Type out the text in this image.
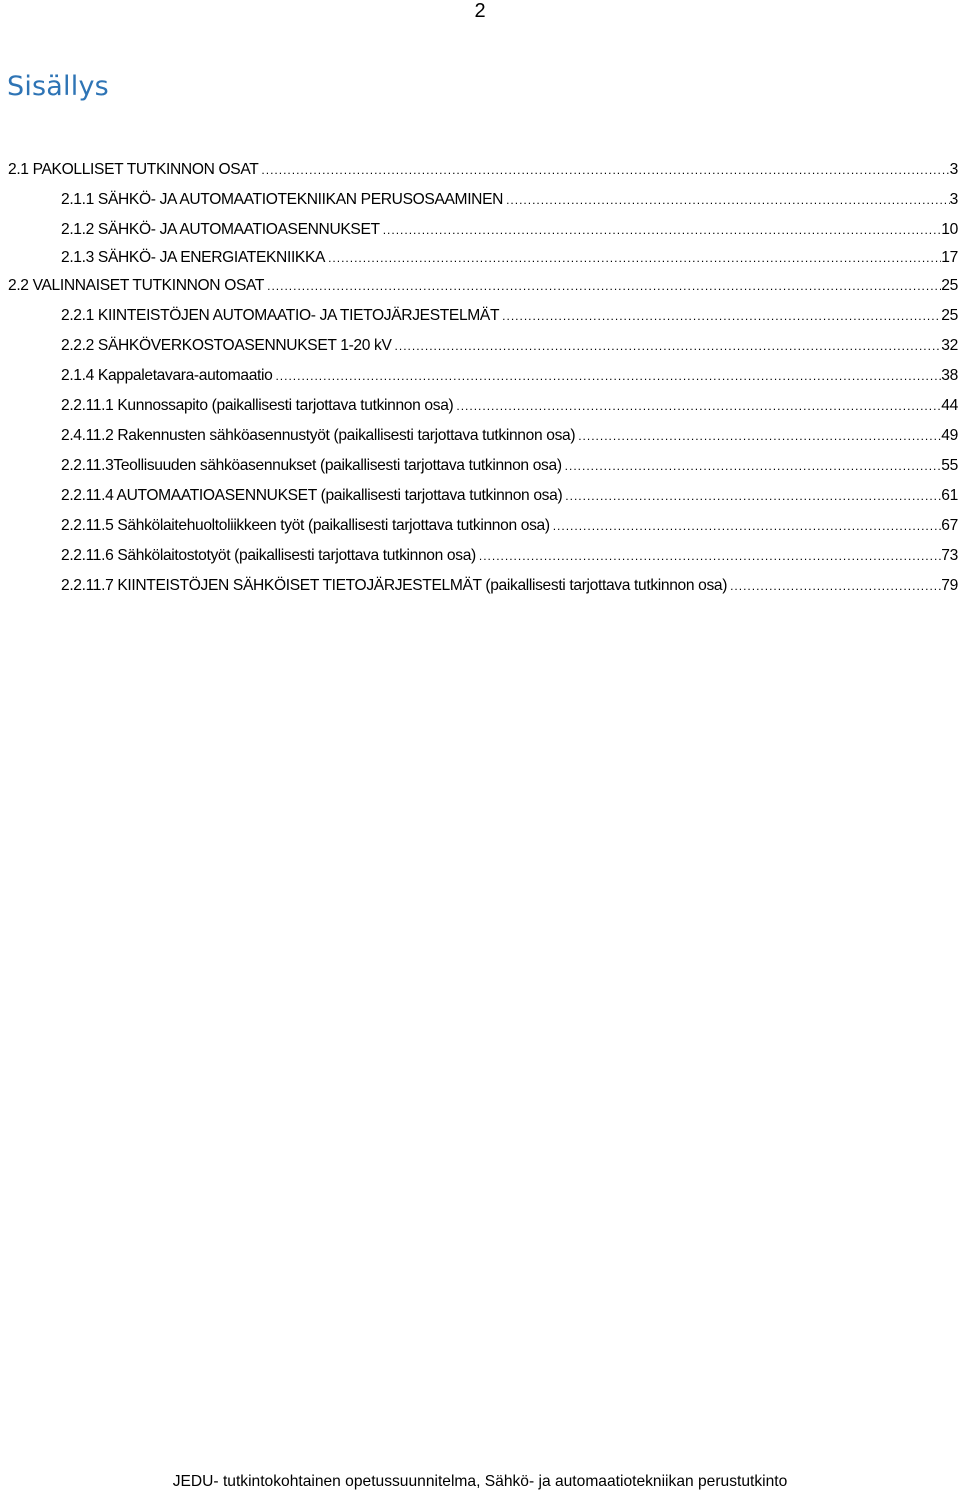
2
Sisällys
2.1 PAKOLLISET TUTKINNON OSAT .....	3
2.1.1 SÄHKÖ- JA AUTOMAATIOTEKNIIKAN PERUSOSAAMINEN .....	3
2.1.2 SÄHKÖ- JA AUTOMAATIOASENNUKSET .....	10
2.1.3 SÄHKÖ- JA ENERGIATEKNIIKKA .....	17
2.2 VALINNAISET TUTKINNON OSAT .....	25
2.2.1 KIINTEISTÖJEN AUTOMAATIO- JA TIETOJÄRJESTELMÄT .....	25
2.2.2 SÄHKÖVERKOSTOASENNUKSET 1-20 kV .....	32
2.1.4 Kappaletavara-automaatio .....	38
2.2.11.1 Kunnossapito (paikallisesti tarjottava tutkinnon osa) .....	44
2.4.11.2 Rakennusten sähköasennustyöt (paikallisesti tarjottava tutkinnon osa) .....	49
2.2.11.3Teollisuuden sähköasennukset (paikallisesti tarjottava tutkinnon osa) .....	55
2.2.11.4 AUTOMAATIOASENNUKSET (paikallisesti tarjottava tutkinnon osa) .....	61
2.2.11.5 Sähkölaitehuoltoliikkeen työt (paikallisesti tarjottava tutkinnon osa) .....	67
2.2.11.6 Sähkölaitostotyöt (paikallisesti tarjottava tutkinnon osa) .....	73
2.2.11.7 KIINTEISTÖJEN SÄHKÖISET TIETOJÄRJESTELMÄT (paikallisesti tarjottava tutkinnon osa) .....	79
JEDU- tutkintokohtainen opetussuunnitelma, Sähkö- ja automaatiotekniikan perustutkinto
